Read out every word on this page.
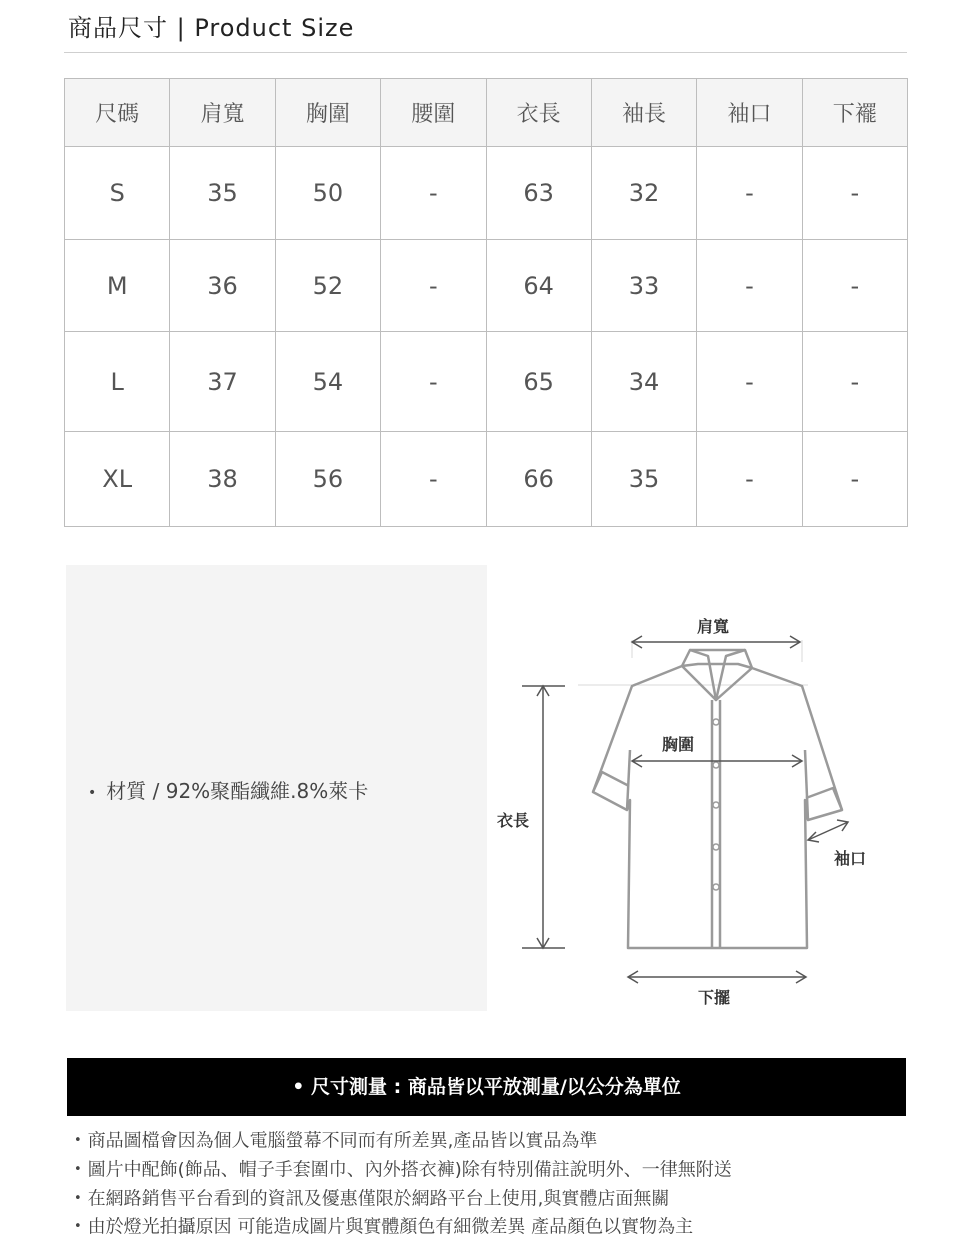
商品尺寸 | Product Size
尺碼	肩寬	胸圍	腰圍	衣長	袖長	袖口	下襬
S	35	50	-	63	32	-	-
M	36	52	-	64	33	-	-
L	37	54	-	65	34	-	-
XL	38	56	-	66	35	-	-
• 材質 / 92%聚酯纖維.8%萊卡
肩寬
胸圍
衣長
袖口
下擺
• 尺寸測量 : 商品皆以平放測量/以公分為單位
• 商品圖檔會因為個人電腦螢幕不同而有所差異,產品皆以實品為準
• 圖片中配飾(飾品、帽子手套圍巾、內外搭衣褲)除有特別備註說明外、一律無附送
• 在網路銷售平台看到的資訊及優惠僅限於網路平台上使用,與實體店面無關
• 由於燈光拍攝原因 可能造成圖片與實體顏色有細微差異 產品顏色以實物為主
